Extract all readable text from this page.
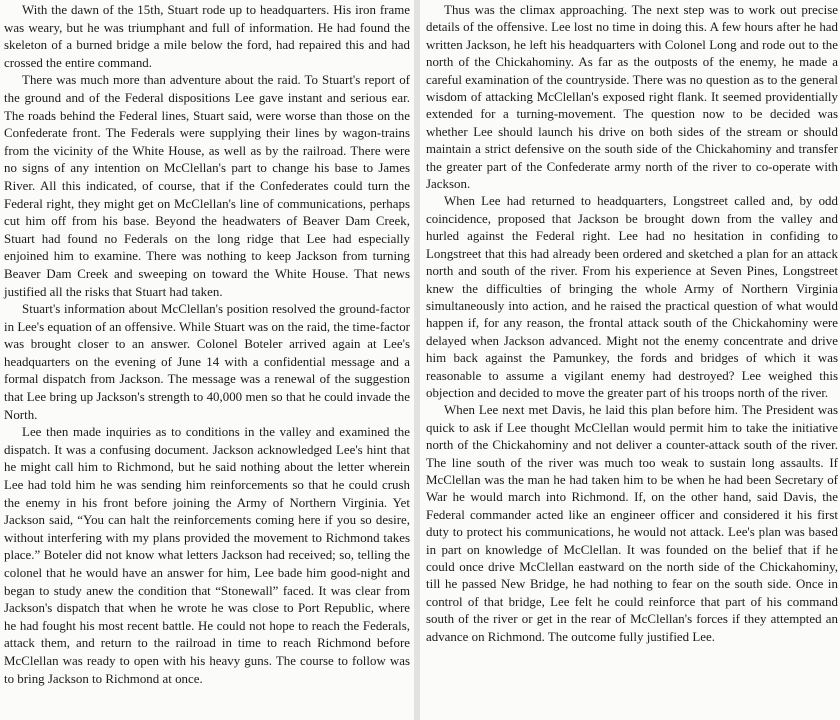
With the dawn of the 15th, Stuart rode up to headquarters. His iron frame was weary, but he was triumphant and full of information. He had found the skeleton of a burned bridge a mile below the ford, had repaired this and had crossed the entire command.

There was much more than adventure about the raid. To Stuart's report of the ground and of the Federal dispositions Lee gave instant and serious ear. The roads behind the Federal lines, Stuart said, were worse than those on the Confederate front. The Federals were supplying their lines by wagon-trains from the vicinity of the White House, as well as by the railroad. There were no signs of any intention on McClellan's part to change his base to James River. All this indicated, of course, that if the Confederates could turn the Federal right, they might get on McClellan's line of communications, perhaps cut him off from his base. Beyond the headwaters of Beaver Dam Creek, Stuart had found no Federals on the long ridge that Lee had especially enjoined him to examine. There was nothing to keep Jackson from turning Beaver Dam Creek and sweeping on toward the White House. That news justified all the risks that Stuart had taken.

Stuart's information about McClellan's position resolved the ground-factor in Lee's equation of an offensive. While Stuart was on the raid, the time-factor was brought closer to an answer. Colonel Boteler arrived again at Lee's headquarters on the evening of June 14 with a confidential message and a formal dispatch from Jackson. The message was a renewal of the suggestion that Lee bring up Jackson's strength to 40,000 men so that he could invade the North.

Lee then made inquiries as to conditions in the valley and examined the dispatch. It was a confusing document. Jackson acknowledged Lee's hint that he might call him to Richmond, but he said nothing about the letter wherein Lee had told him he was sending him reinforcements so that he could crush the enemy in his front before joining the Army of Northern Virginia. Yet Jackson said, “You can halt the reinforcements coming here if you so desire, without interfering with my plans provided the movement to Richmond takes place.” Boteler did not know what letters Jackson had received; so, telling the colonel that he would have an answer for him, Lee bade him good-night and began to study anew the condition that “Stonewall” faced. It was clear from Jackson's dispatch that when he wrote he was close to Port Republic, where he had fought his most recent battle. He could not hope to reach the Federals, attack them, and return to the railroad in time to reach Richmond before McClellan was ready to open with his heavy guns. The course to follow was to bring Jackson to Richmond at once.

Thus was the climax approaching. The next step was to work out precise details of the offensive. Lee lost no time in doing this. A few hours after he had written Jackson, he left his headquarters with Colonel Long and rode out to the north of the Chickahominy. As far as the outposts of the enemy, he made a careful examination of the countryside. There was no question as to the general wisdom of attacking McClellan's exposed right flank. It seemed providentially extended for a turning-movement. The question now to be decided was whether Lee should launch his drive on both sides of the stream or should maintain a strict defensive on the south side of the Chickahominy and transfer the greater part of the Confederate army north of the river to co-operate with Jackson.

When Lee had returned to headquarters, Longstreet called and, by odd coincidence, proposed that Jackson be brought down from the valley and hurled against the Federal right. Lee had no hesitation in confiding to Longstreet that this had already been ordered and sketched a plan for an attack north and south of the river. From his experience at Seven Pines, Longstreet knew the difficulties of bringing the whole Army of Northern Virginia simultaneously into action, and he raised the practical question of what would happen if, for any reason, the frontal attack south of the Chickahominy were delayed when Jackson advanced. Might not the enemy concentrate and drive him back against the Pamunkey, the fords and bridges of which it was reasonable to assume a vigilant enemy had destroyed? Lee weighed this objection and decided to move the greater part of his troops north of the river.

When Lee next met Davis, he laid this plan before him. The President was quick to ask if Lee thought McClellan would permit him to take the initiative north of the Chickahominy and not deliver a counter-attack south of the river. The line south of the river was much too weak to sustain long assaults. If McClellan was the man he had taken him to be when he had been Secretary of War he would march into Richmond. If, on the other hand, said Davis, the Federal commander acted like an engineer officer and considered it his first duty to protect his communications, he would not attack. Lee's plan was based in part on knowledge of McClellan. It was founded on the belief that if he could once drive McClellan eastward on the north side of the Chickahominy, till he passed New Bridge, he had nothing to fear on the south side. Once in control of that bridge, Lee felt he could reinforce that part of his command south of the river or get in the rear of McClellan's forces if they attempted an advance on Richmond. The outcome fully justified Lee.
